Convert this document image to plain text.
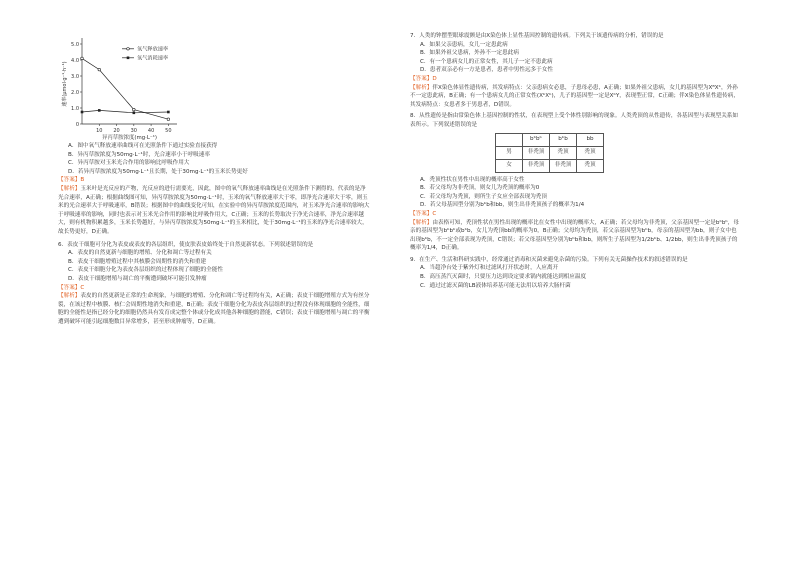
0
1.0
2.0
3.0
4.0
5.0
10 20 30 40 50
异丙草胺浓度(mg·L⁻¹)
速率(μmol·g⁻¹·h⁻¹)
氧气释放速率
氧气消耗速率

A．图中氧气释放速率曲线可在光照条件下通过实验直接获得

B．异丙草胺浓度为50mg·L⁻¹时，光合速率小于呼吸速率

C．异丙草胺对玉米光合作用的影响比呼吸作用大

D．若异丙草胺浓度为50mg·L⁻¹且长期，处于30mg·L⁻¹的玉米长势更好

【答案】B

【解析】玉米叶是光反应的产物，光反应的进行需要光，因此，图中的氧气释放速率曲线是在光照条件下测得的，代表的是净光合速率，A正确；根据曲线图可知，异丙草胺浓度为50mg·L⁻¹时，玉米的氧气释放速率大于零，即净光合速率大于零，则玉米的光合速率大于呼吸速率，B错误；根据图中的曲线变化可知，在实验中的异丙草胺浓度范围内，对玉米净光合速率的影响大于呼吸速率的影响，同时也表示对玉米光合作用的影响比呼吸作用大，C正确；玉米的长势取决于净光合速率，净光合速率越大，则有机物积累越多，玉米长势越好，与异丙草胺浓度为50mg·L⁻¹的玉米相比，处于30mg·L⁻¹的玉米的净光合速率较大，故长势更好，D正确。

6．表皮干细胞可分化为表皮或表皮的各层组织，使皮肤表皮始终处于自然更新状态。下列叙述错误的是

A．表皮的自然更新与细胞的增殖、分化和凋亡等过程有关

B．表皮干细胞增殖过程中其核膜会周期性的消失和重建

C．表皮干细胞分化为表皮各层组织的过程体现了细胞的全能性

D．表皮干细胞增殖与凋亡的平衡遭到破坏可能引发肿瘤

【答案】C

【解析】表皮的自然更新是正常的生命现象，与细胞的增殖、分化和凋亡等过程均有关，A正确；表皮干细胞增殖方式为有丝分裂，在该过程中核膜、核仁会周期性地消失和重建，B正确；表皮干细胞分化为表皮各层组织的过程没有体现细胞的全能性，细胞的全能性是指已经分化的细胞仍然具有发育成完整个体或分化成其他各种细胞的潜能，C错误；表皮干细胞增殖与凋亡的平衡遭到破坏可能引起细胞数目异常增多，甚至形成肿瘤等，D正确。

7．人类的钟摆型眼球震颤是由X染色体上显性基因控制的遗传病。下列关于该遗传病的分析，错误的是

A．如果父亲患病，女儿一定患此病

B．如果外祖父患病，外孙不一定患此病

C．有一个患病女儿的正常女性，其儿子一定不患此病

D．患者双亲必有一方是患者，患者中男性远多于女性

【答案】D

【解析】伴X染色体显性遗传病，其发病特点：父亲患病女必患，子患母必患，A正确；如果外祖父患病，女儿的基因型为XᴮXᵇ，外孙不一定患此病，B正确；有一个患病女儿的正常女性(XᵇXᵇ)，儿子的基因型一定是XᵇY，表现型正常，C正确；伴X染色体显性遗传病，其发病特点：女患者多于男患者，D错误。

8．从性遗传是指由常染色体上基因控制的性状，在表现型上受个体性别影响的现象。人类秃顶的从性遗传，各基因型与表现型关系如表所示。下列叙述错误的是

	bᵇbᵇ	bᵇb	bb
男	非秃顶	秃顶	秃顶
女	非秃顶	非秃顶	秃顶

A．秃顶性状在男性中出现的概率高于女性

B．若父母均为非秃顶，则女儿为秃顶的概率为0

C．若父母均为秃顶，则所生子女应全部表现为秃顶

D．若父母基因型分别为bᵇb和bb，则生出非秃顶孩子的概率为1/4

【答案】C

【解析】由表格可知，秃顶性状在男性出现的概率比在女性中出现的概率大，A正确；若父母均为非秃顶，父亲基因型一定是bᵇbᵇ，母亲的基因型为bᵇbᵇ或bᵇb，女儿为秃顶bb的概率为0，B正确；父母均为秃顶，若父亲基因型为bᵇb，母亲的基因型为bb，则子女中也出现bᵇb，不一定全部表现为秃顶，C错误；若父母基因型分别为bᵇb和bb，则所生子基因型为1/2bᵇb、1/2bb，则生出非秃顶孩子的概率为1/4，D正确。

9．在生产、生活和科研实践中，经常通过消毒和灭菌来避免杂菌的污染。下列有关无菌操作技术的叙述错误的是

A．当超净台处于紫外灯和过滤风打开状态时，人应离开

B．高压蒸汽灭菌时，只要压力达到设定要求锅内就能达到相应温度

C．通过过滤灭菌的LB液体培养基可能无法用以培养大肠杆菌
